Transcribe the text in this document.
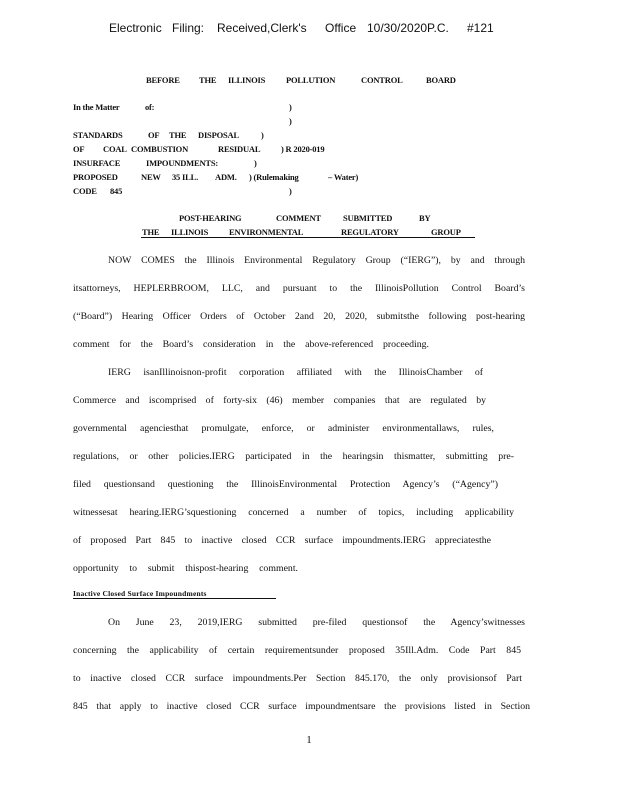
Electronic Filing: Received,Clerk's Office 10/30/2020P.C. #121
BEFORE THE ILLINOIS POLLUTION	CONTROL	BOARD
In the Matter	of:	)
)
STANDARDS	OF THE DISPOSAL	)
OF COAL COMBUSTION	RESIDUAL ) R 2020-019
INSURFACE	IMPOUNDMENTS:	)
PROPOSED	NEW 35 ILL. ADM. ) (Rulemaking	– Water)
CODE 845	)
POST-HEARING	COMMENT	SUBMITTED	BY
THE ILLINOIS ENVIRONMENTAL	REGULATORY	GROUP
NOW COMES the Illinois Environmental Regulatory Group (“IERG”), by and through
itsattorneys, HEPLERBROOM, LLC, and pursuant to the IllinoisPollution Control Board’s
(“Board”) Hearing Officer Orders of October 2and 20, 2020, submitsthe following post-hearing
comment for the Board’s consideration in the above-referenced proceeding.
IERG isanIllinoisnon-profit corporation affiliated with the IllinoisChamber of
Commerce and iscomprised of forty-six (46) member companies that are regulated by
governmental agenciesthat promulgate, enforce, or administer environmentallaws, rules,
regulations, or other policies.IERG participated in the hearingsin thismatter, submitting pre-
filed questionsand questioning the IllinoisEnvironmental Protection Agency’s (“Agency”)
witnessesat hearing.IERG’squestioning concerned a number of topics, including applicability
of proposed Part 845 to inactive closed CCR surface impoundments.IERG appreciatesthe
opportunity to submit thispost-hearing comment.
Inactive Closed Surface Impoundments
On June 23, 2019,IERG submitted pre-filed questionsof the Agency’switnesses
concerning the applicability of certain requirementsunder proposed 35Ill.Adm. Code Part 845
to inactive closed CCR surface impoundments.Per Section 845.170, the only provisionsof Part
845 that apply to inactive closed CCR surface impoundmentsare the provisions listed in Section
1
